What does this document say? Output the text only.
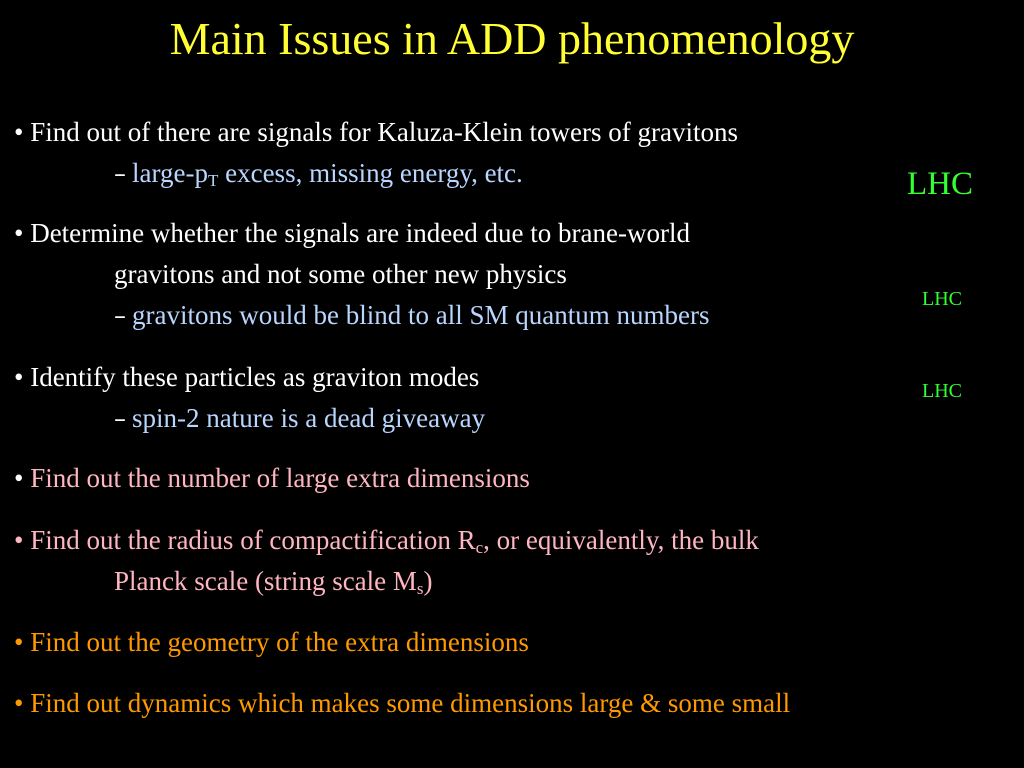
Main Issues in ADD phenomenology
• Find out of there are signals for Kaluza-Klein towers of gravitons
– large-$p_T$ excess, missing energy, etc.	LHC
• Determine whether the signals are indeed due to brane-world
gravitons and not some other new physics
– gravitons would be blind to all SM quantum numbers
LHC
• Identify these particles as graviton modes
– spin-2 nature is a dead giveaway
LHC
• Find out the number of large extra dimensions
• Find out the radius of compactification $R_c$, or equivalently, the bulk
Planck scale (string scale $M_s$)
• Find out the geometry of the extra dimensions
• Find out dynamics which makes some dimensions large & some small
